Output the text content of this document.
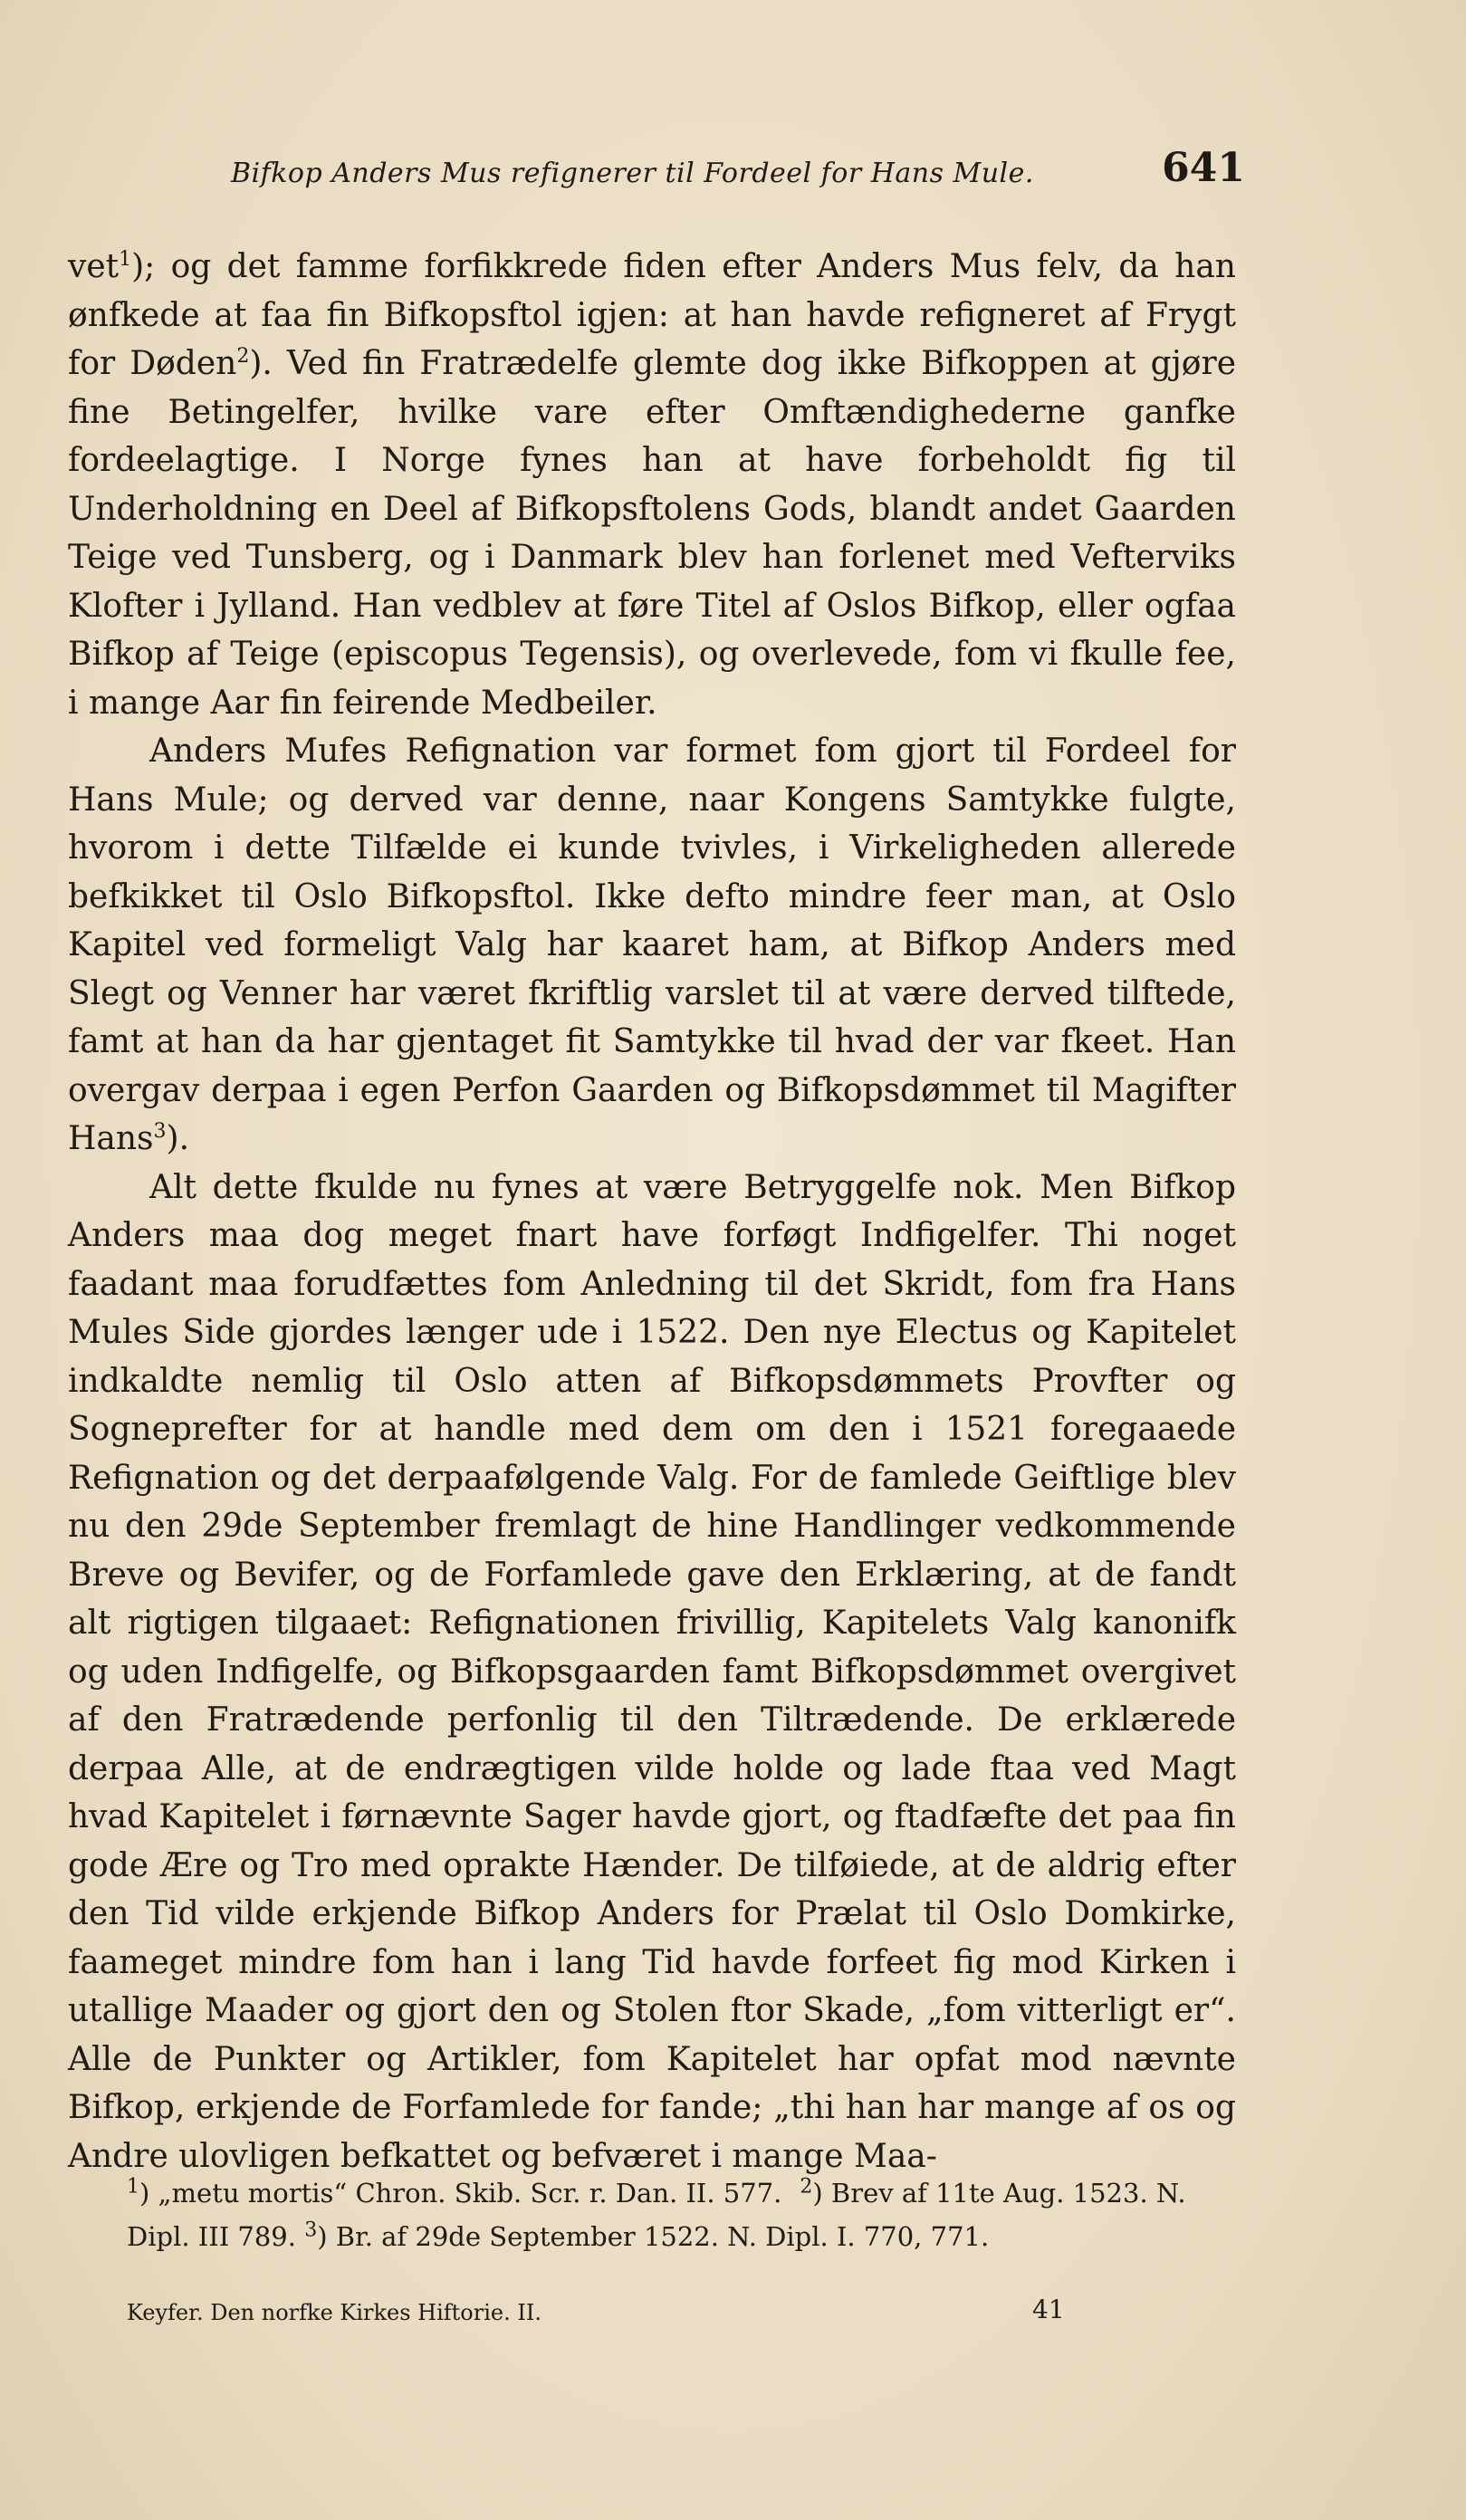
Bifkop Anders Mus refignerer til Fordeel for Hans Mule.	641

vet$^1$); og det famme forfikkrede fiden efter Anders Mus felv, da han ønfkede at faa fin Bifkopsftol igjen: at han havde refigneret af Frygt for Døden$^2$). Ved fin Fratrædelfe glemte dog ikke Bifkoppen at gjøre fine Betingelfer, hvilke vare efter Omftændighederne ganfke fordeelagtige. I Norge fynes han at have forbeholdt fig til Underholdning en Deel af Bifkopsftolens Gods, blandt andet Gaarden Teige ved Tunsberg, og i Danmark blev han forlenet med Vefterviks Klofter i Jylland. Han vedblev at føre Titel af Oslos Bifkop, eller ogfaa Bifkop af Teige (episcopus Tegensis), og overlevede, fom vi fkulle fee, i mange Aar fin feirende Medbeiler.

Anders Mufes Refignation var formet fom gjort til Fordeel for Hans Mule; og derved var denne, naar Kongens Samtykke fulgte, hvorom i dette Tilfælde ei kunde tvivles, i Virkeligheden allerede befkikket til Oslo Bifkopsftol. Ikke defto mindre feer man, at Oslo Kapitel ved formeligt Valg har kaaret ham, at Bifkop Anders med Slegt og Venner har været fkriftlig varslet til at være derved tilftede, famt at han da har gjentaget fit Samtykke til hvad der var fkeet. Han overgav derpaa i egen Perfon Gaarden og Bifkopsdømmet til Magifter Hans$^3$).

Alt dette fkulde nu fynes at være Betryggelfe nok. Men Bifkop Anders maa dog meget fnart have forføgt Indfigelfer. Thi noget faadant maa forudfættes fom Anledning til det Skridt, fom fra Hans Mules Side gjordes længer ude i 1522. Den nye Electus og Kapitelet indkaldte nemlig til Oslo atten af Bifkopsdømmets Provfter og Sogneprefter for at handle med dem om den i 1521 foregaaede Refignation og det derpaafølgende Valg. For de famlede Geiftlige blev nu den 29de September fremlagt de hine Handlinger vedkommende Breve og Bevifer, og de Forfamlede gave den Erklæring, at de fandt alt rigtigen tilgaaet: Refignationen frivillig, Kapitelets Valg kanonifk og uden Indfigelfe, og Bifkopsgaarden famt Bifkopsdømmet overgivet af den Fratrædende perfonlig til den Tiltrædende. De erklærede derpaa Alle, at de endrægtigen vilde holde og lade ftaa ved Magt hvad Kapitelet i førnævnte Sager havde gjort, og ftadfæfte det paa fin gode Ære og Tro med oprakte Hænder. De tilføiede, at de aldrig efter den Tid vilde erkjende Bifkop Anders for Prælat til Oslo Domkirke, faameget mindre fom han i lang Tid havde forfeet fig mod Kirken i utallige Maader og gjort den og Stolen ftor Skade, „fom vitterligt er“. Alle de Punkter og Artikler, fom Kapitelet har opfat mod nævnte Bifkop, erkjende de Forfamlede for fande; „thi han har mange af os og Andre ulovligen befkattet og befværet i mange Maa-

$^1$) „metu mortis“ Chron. Skib. Scr. r. Dan. II. 577. $^2$) Brev af 11te Aug. 1523. N. Dipl. III 789. $^3$) Br. af 29de September 1522. N. Dipl. I. 770, 771.

Keyfer. Den norfke Kirkes Hiftorie. II.	41
